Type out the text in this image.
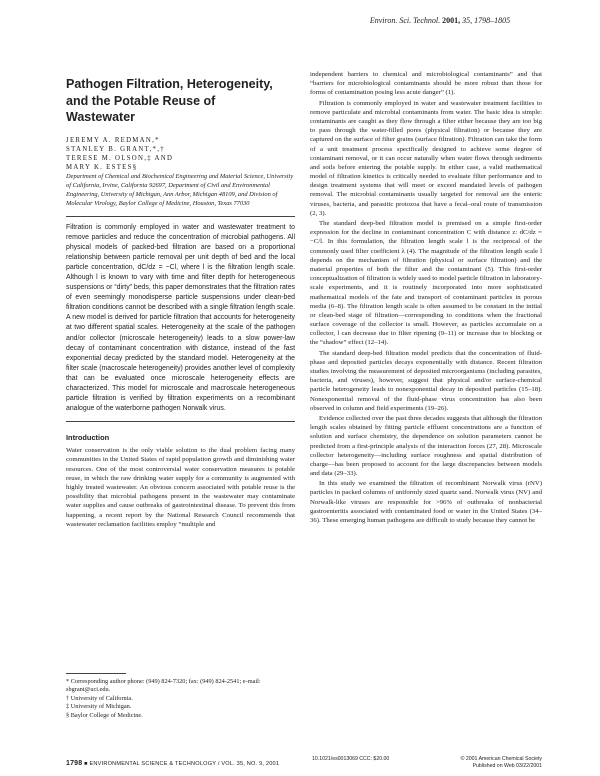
Environ. Sci. Technol. 2001, 35, 1798–1805
Pathogen Filtration, Heterogeneity,
and the Potable Reuse of
Wastewater
JEREMY A. REDMAN,*
STANLEY B. GRANT,*,†
TERESE M. OLSON,‡ AND
MARY K. ESTES§
Department of Chemical and Biochemical Engineering and Material Science, University of California, Irvine, California 92697, Department of Civil and Environmental Engineering, University of Michigan, Ann Arbor, Michigan 48109, and Division of Molecular Virology, Baylor College of Medicine, Houston, Texas 77030

Filtration is commonly employed in water and wastewater treatment to remove particles and reduce the concentration of microbial pathogens. All physical models of packed-bed filtration are based on a proportional relationship between particle removal per unit depth of bed and the local particle concentration, dC/dz = −Cl, where l is the filtration length scale. Although l is known to vary with time and filter depth for heterogeneous suspensions or “dirty” beds, this paper demonstrates that the filtration rates of even seemingly monodisperse particle suspensions under clean-bed filtration conditions cannot be described with a single filtration length scale. A new model is derived for particle filtration that accounts for heterogeneity at two different spatial scales. Heterogeneity at the scale of the pathogen and/or collector (microscale heterogeneity) leads to a slow power-law decay of contaminant concentration with distance, instead of the fast exponential decay predicted by the standard model. Heterogeneity at the filter scale (macroscale heterogeneity) provides another level of complexity that can be evaluated once microscale heterogeneity effects are characterized. This model for microscale and macroscale heterogeneous particle filtration is verified by filtration experiments on a recombinant analogue of the waterborne pathogen Norwalk virus.

Introduction

Water conservation is the only viable solution to the dual problem facing many communities in the United States of rapid population growth and diminishing water resources. One of the most controversial water conservation measures is potable reuse, in which the raw drinking water supply for a community is augmented with highly treated wastewater. An obvious concern associated with potable reuse is the possibility that microbial pathogens present in the wastewater may contaminate water supplies and cause outbreaks of gastrointestinal disease. To prevent this from happening, a recent report by the National Research Council recommends that wastewater reclamation facilities employ “multiple and

independent barriers to chemical and microbiological contaminants” and that “barriers for microbiological contaminants should be more robust than those for forms of contamination posing less acute danger” (1).

Filtration is commonly employed in water and wastewater treatment facilities to remove particulate and microbial contaminants from water. The basic idea is simple: contaminants are caught as they flow through a filter either because they are too big to pass through the water-filled pores (physical filtration) or because they are captured on the surface of filter grains (surface filtration). Filtration can take the form of a unit treatment process specifically designed to achieve some degree of contaminant removal, or it can occur naturally when water flows through sediments and soils before entering the potable supply. In either case, a valid mathematical model of filtration kinetics is critically needed to evaluate filter performance and to design treatment systems that will meet or exceed mandated levels of pathogen removal. The microbial contaminants usually targeted for removal are the enteric viruses, bacteria, and parasitic protozoa that have a fecal–oral route of transmission (2, 3).

The standard deep-bed filtration model is premised on a simple first-order expression for the decline in contaminant concentration C with distance z: dC/dz = −C/l. In this formulation, the filtration length scale l is the reciprocal of the commonly used filter coefficient λ (4). The magnitude of the filtration length scale l depends on the mechanism of filtration (physical or surface filtration) and the material properties of both the filter and the contaminant (5). This first-order conceptualization of filtration is widely used to model particle filtration in laboratory-scale experiments, and it is routinely incorporated into more sophisticated mathematical models of the fate and transport of contaminant particles in porous media (6–8). The filtration length scale is often assumed to be constant in the initial or clean-bed stage of filtration—corresponding to conditions when the fractional surface coverage of the collector is small. However, as particles accumulate on a collector, l can decrease due to filter ripening (9–11) or increase due to blocking or the “shadow” effect (12–14).

The standard deep-bed filtration model predicts that the concentration of fluid-phase and deposited particles decays exponentially with distance. Recent filtration studies involving the measurement of deposited microorganisms (including parasites, bacteria, and viruses), however, suggest that physical and/or surface-chemical particle heterogeneity leads to nonexponential decay in deposited particles (15–18). Nonexponential removal of the fluid-phase virus concentration has also been observed in column and field experiments (19–26).

Evidence collected over the past three decades suggests that although the filtration length scales obtained by fitting particle effluent concentrations are a function of solution and surface chemistry, the dependence on solution parameters cannot be predicted from a first-principle analysis of the interaction forces (27, 28). Microscale collector heterogeneity—including surface roughness and spatial distribution of charge—has been proposed to account for the large discrepancies between models and data (29–33).

In this study we examined the filtration of recombinant Norwalk virus (rNV) particles in packed columns of uniformly sized quartz sand. Norwalk virus (NV) and Norwalk-like viruses are responsible for >96% of outbreaks of nonbacterial gastroenteritis associated with contaminated food or water in the United States (34–36). These emerging human pathogens are difficult to study because they cannot be

* Corresponding author phone: (949) 824-7320; fax: (949) 824-2541; e-mail: sbgrant@uci.edu.
† University of California.
‡ University of Michigan.
§ Baylor College of Medicine.
1798 ■ ENVIRONMENTAL SCIENCE & TECHNOLOGY / VOL. 35, NO. 9, 2001
10.1021/es0013069 CCC: $20.00	© 2001 American Chemical Society
Published on Web 03/22/2001
